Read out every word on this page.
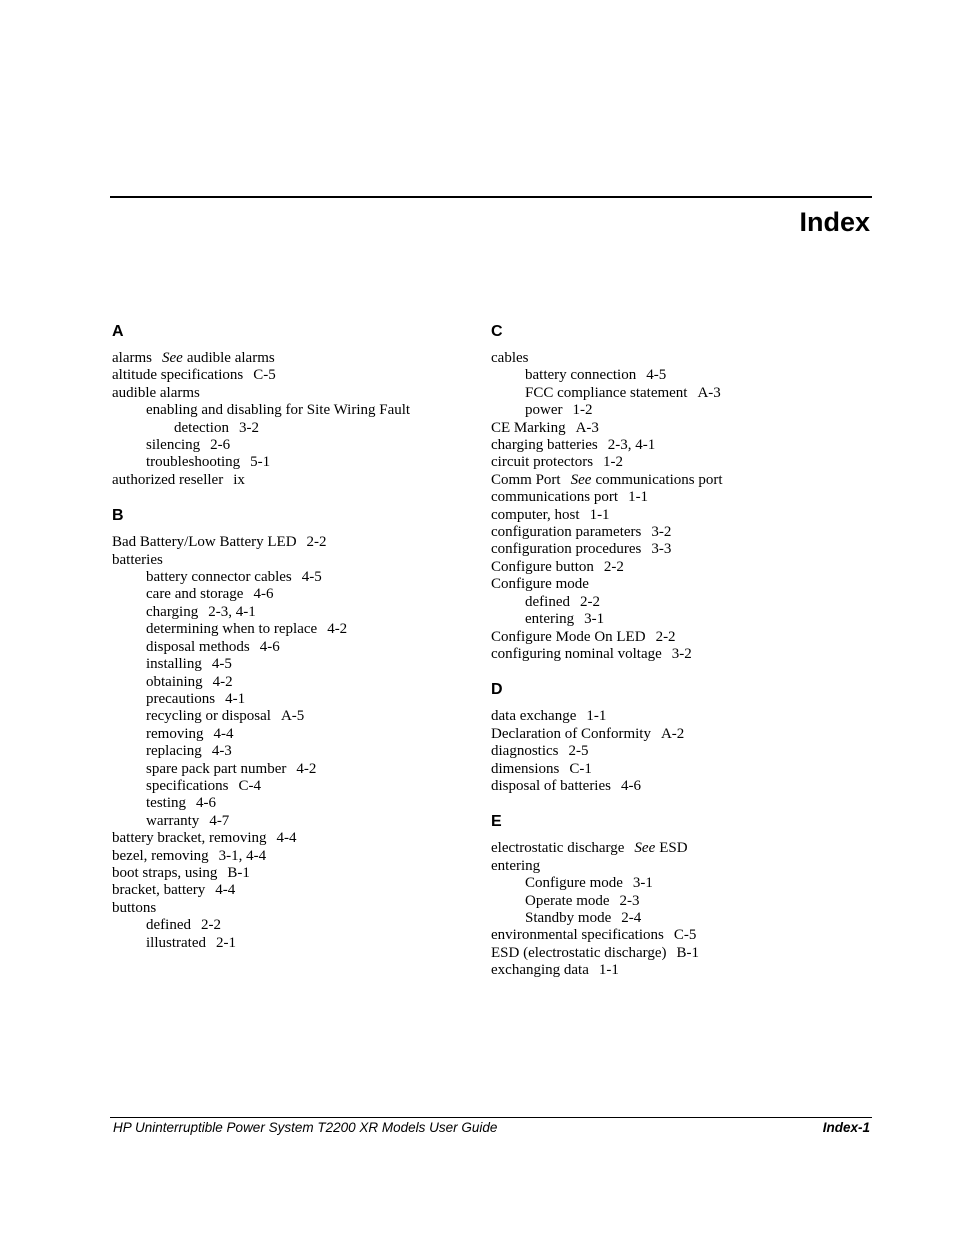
Index
A
alarms See audible alarms
altitude specifications C-5
audible alarms
enabling and disabling for Site Wiring Fault
detection 3-2
silencing 2-6
troubleshooting 5-1
authorized reseller ix
B
Bad Battery/Low Battery LED 2-2
batteries
battery connector cables 4-5
care and storage 4-6
charging 2-3, 4-1
determining when to replace 4-2
disposal methods 4-6
installing 4-5
obtaining 4-2
precautions 4-1
recycling or disposal A-5
removing 4-4
replacing 4-3
spare pack part number 4-2
specifications C-4
testing 4-6
warranty 4-7
battery bracket, removing 4-4
bezel, removing 3-1, 4-4
boot straps, using B-1
bracket, battery 4-4
buttons
defined 2-2
illustrated 2-1
C
cables
battery connection 4-5
FCC compliance statement A-3
power 1-2
CE Marking A-3
charging batteries 2-3, 4-1
circuit protectors 1-2
Comm Port See communications port
communications port 1-1
computer, host 1-1
configuration parameters 3-2
configuration procedures 3-3
Configure button 2-2
Configure mode
defined 2-2
entering 3-1
Configure Mode On LED 2-2
configuring nominal voltage 3-2
D
data exchange 1-1
Declaration of Conformity A-2
diagnostics 2-5
dimensions C-1
disposal of batteries 4-6
E
electrostatic discharge See ESD
entering
Configure mode 3-1
Operate mode 2-3
Standby mode 2-4
environmental specifications C-5
ESD (electrostatic discharge) B-1
exchanging data 1-1
HP Uninterruptible Power System T2200 XR Models User Guide	Index-1
